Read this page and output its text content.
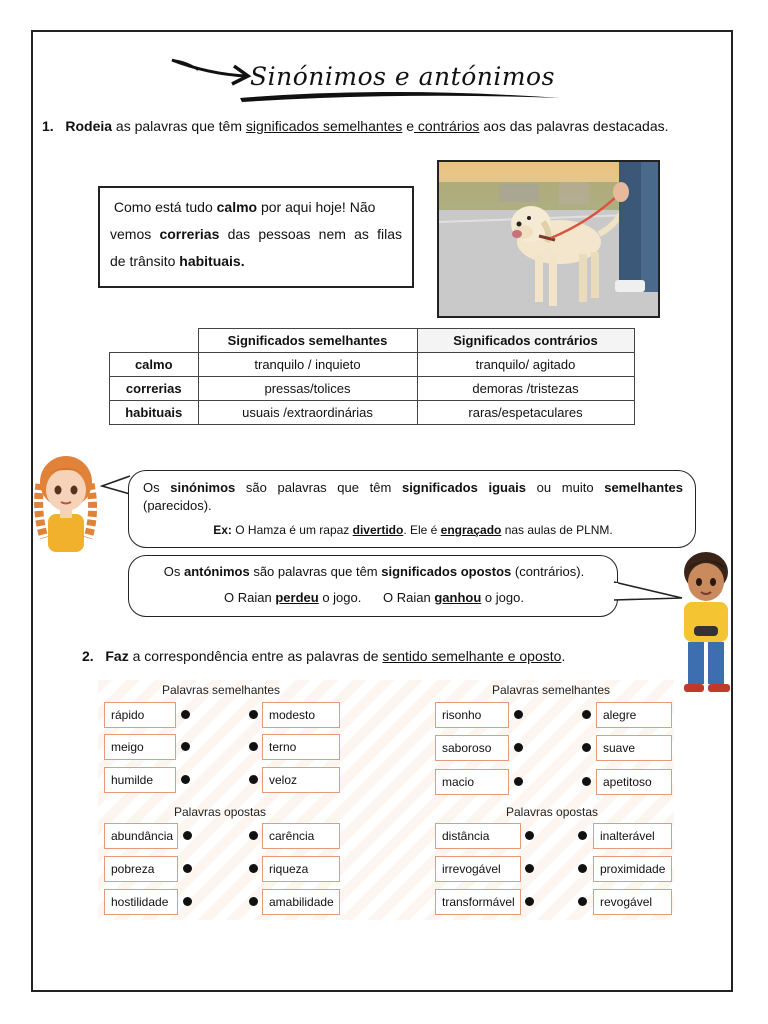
Sinónimos e antónimos
1. Rodeia as palavras que têm significados semelhantes e contrários aos das palavras destacadas.
Como está tudo calmo por aqui hoje! Não
vemos correrias das pessoas nem as filas
de trânsito habituais.
	Significados semelhantes	Significados contrários
calmo	tranquilo / inquieto	tranquilo/ agitado
correrias	pressas/tolices	demoras /tristezas
habituais	usuais /extraordinárias	raras/espetaculares
Os sinónimos são palavras que têm significados iguais ou muito semelhantes
(parecidos).
Ex: O Hamza é um rapaz divertido. Ele é engraçado nas aulas de PLNM.
Os antónimos são palavras que têm significados opostos (contrários).
O Raian perdeu o jogo. O Raian ganhou o jogo.
2. Faz a correspondência entre as palavras de sentido semelhante e oposto.
Palavras semelhantes
Palavras opostas
Palavras semelhantes
Palavras opostas
rápido	modesto
meigo	terno
humilde	veloz
abundância	carência
pobreza	riqueza
hostilidade	amabilidade
risonho	alegre
saboroso	suave
macio	apetitoso
distância	inalterável
irrevogável	proximidade
transformável	revogável
